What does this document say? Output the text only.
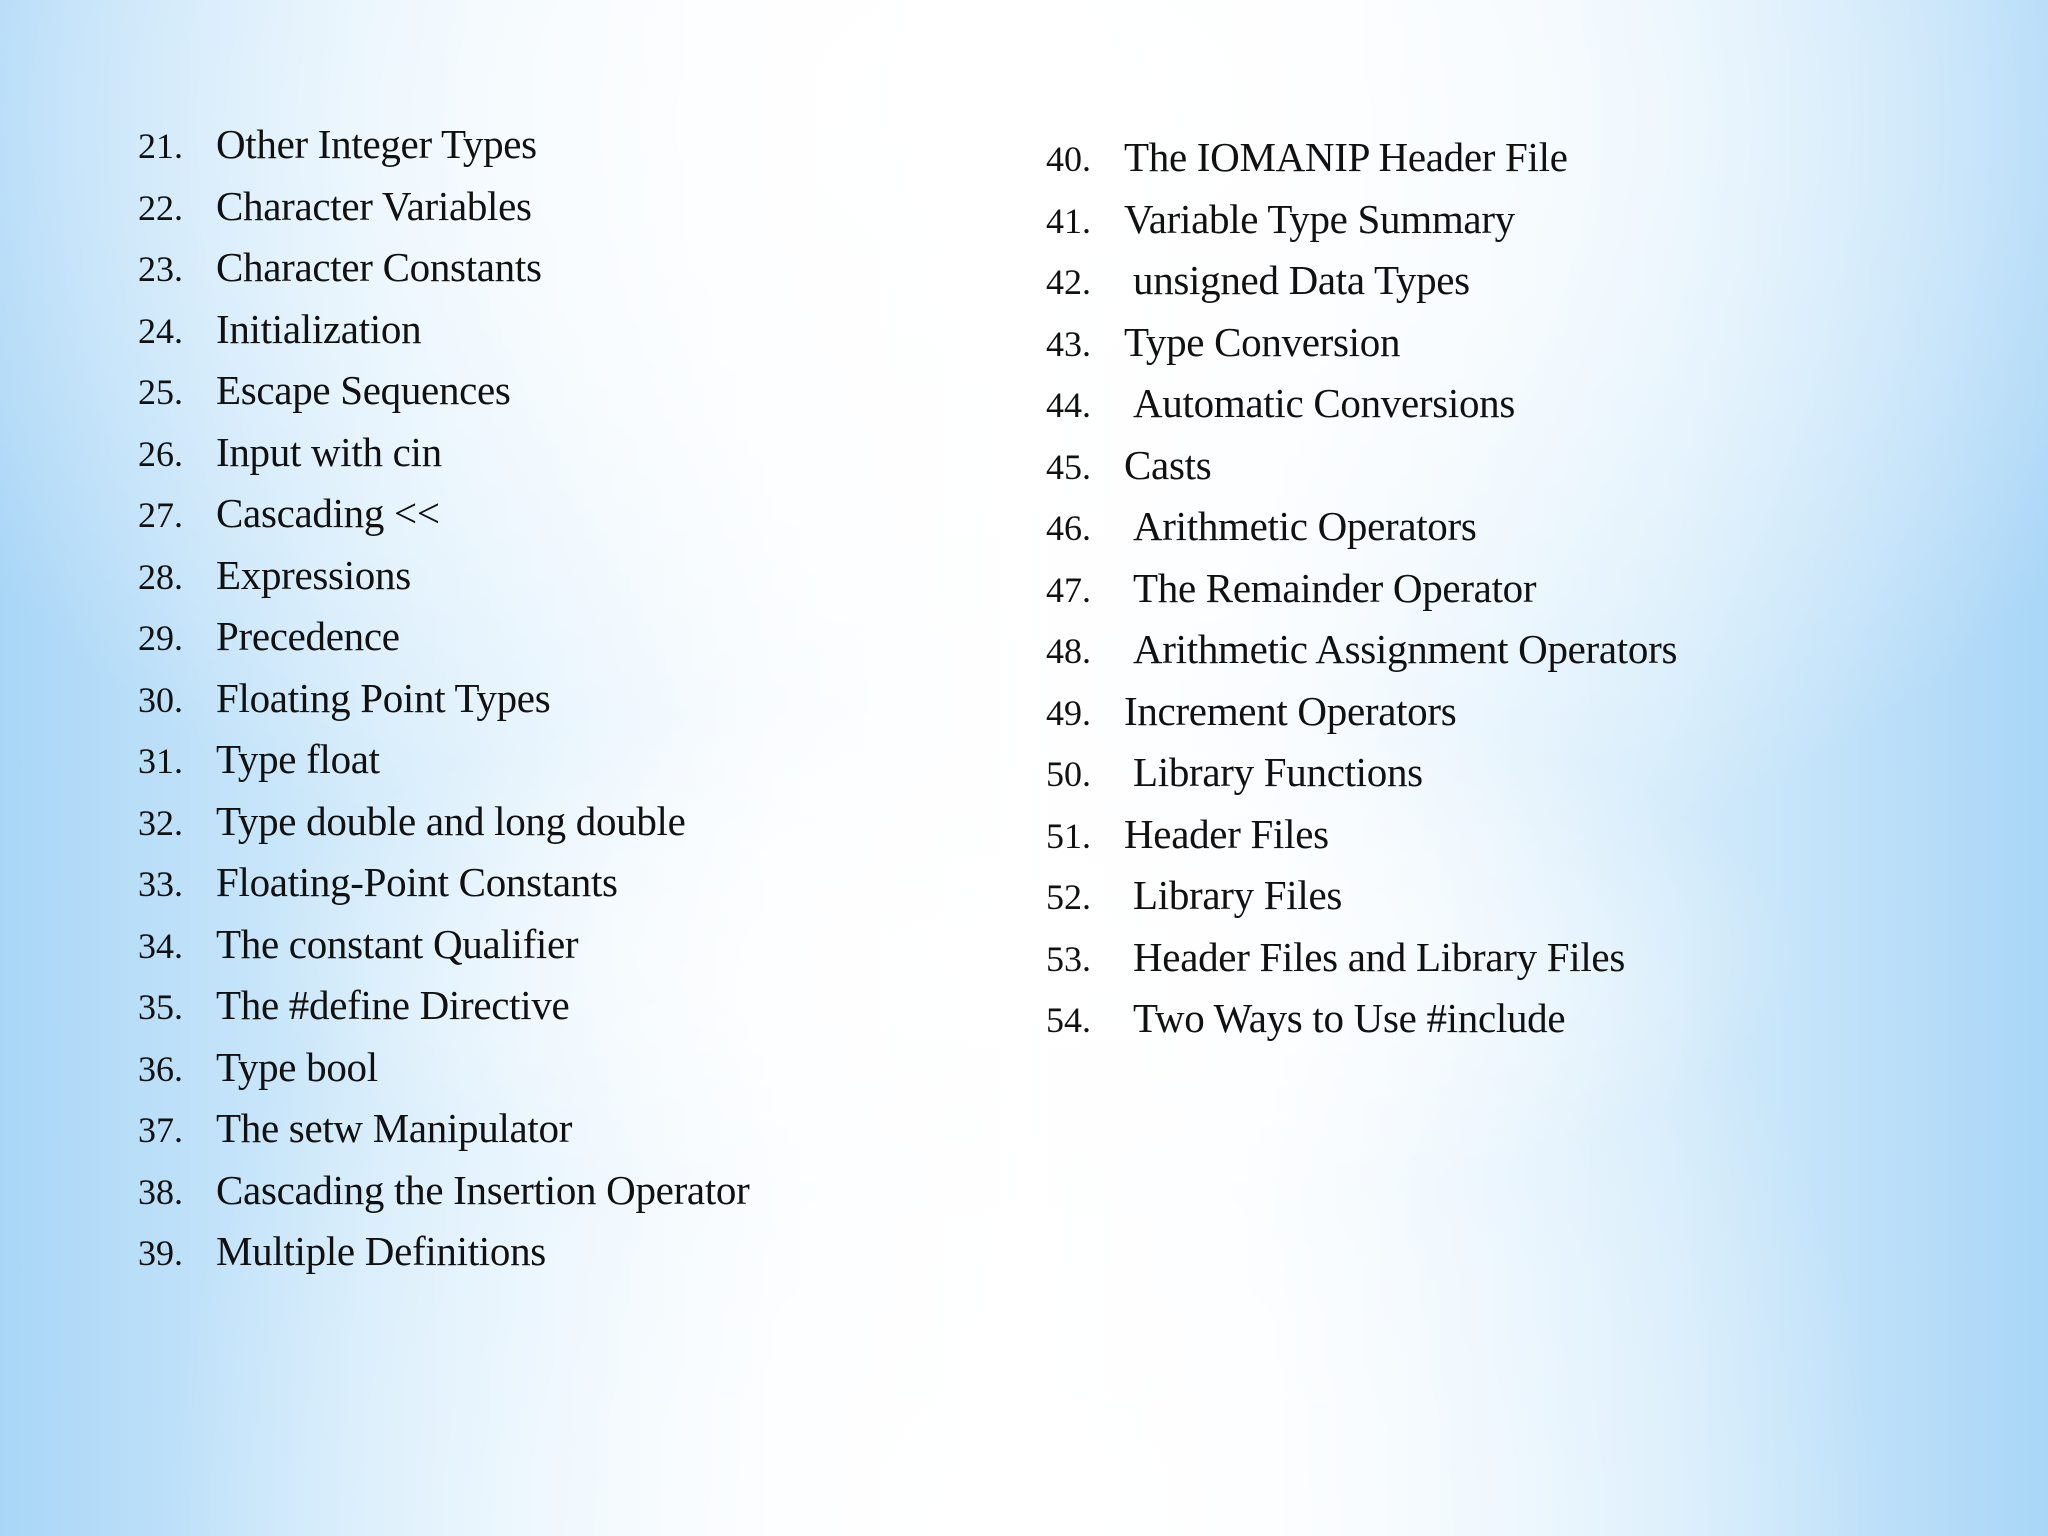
21. Other Integer Types
22. Character Variables
23. Character Constants
24. Initialization
25. Escape Sequences
26. Input with cin
27. Cascading <<
28. Expressions
29. Precedence
30. Floating Point Types
31. Type float
32. Type double and long double
33. Floating-Point Constants
34. The constant Qualifier
35. The #define Directive
36. Type bool
37. The setw Manipulator
38. Cascading the Insertion Operator
39. Multiple Definitions
40. The IOMANIP Header File
41. Variable Type Summary
42.	unsigned Data Types
43. Type Conversion
44.	Automatic Conversions
45. Casts
46.	Arithmetic Operators
47.	The Remainder Operator
48.	Arithmetic Assignment Operators
49. Increment Operators
50.	Library Functions
51. Header Files
52.	Library Files
53.	Header Files and Library Files
54.	Two Ways to Use #include
